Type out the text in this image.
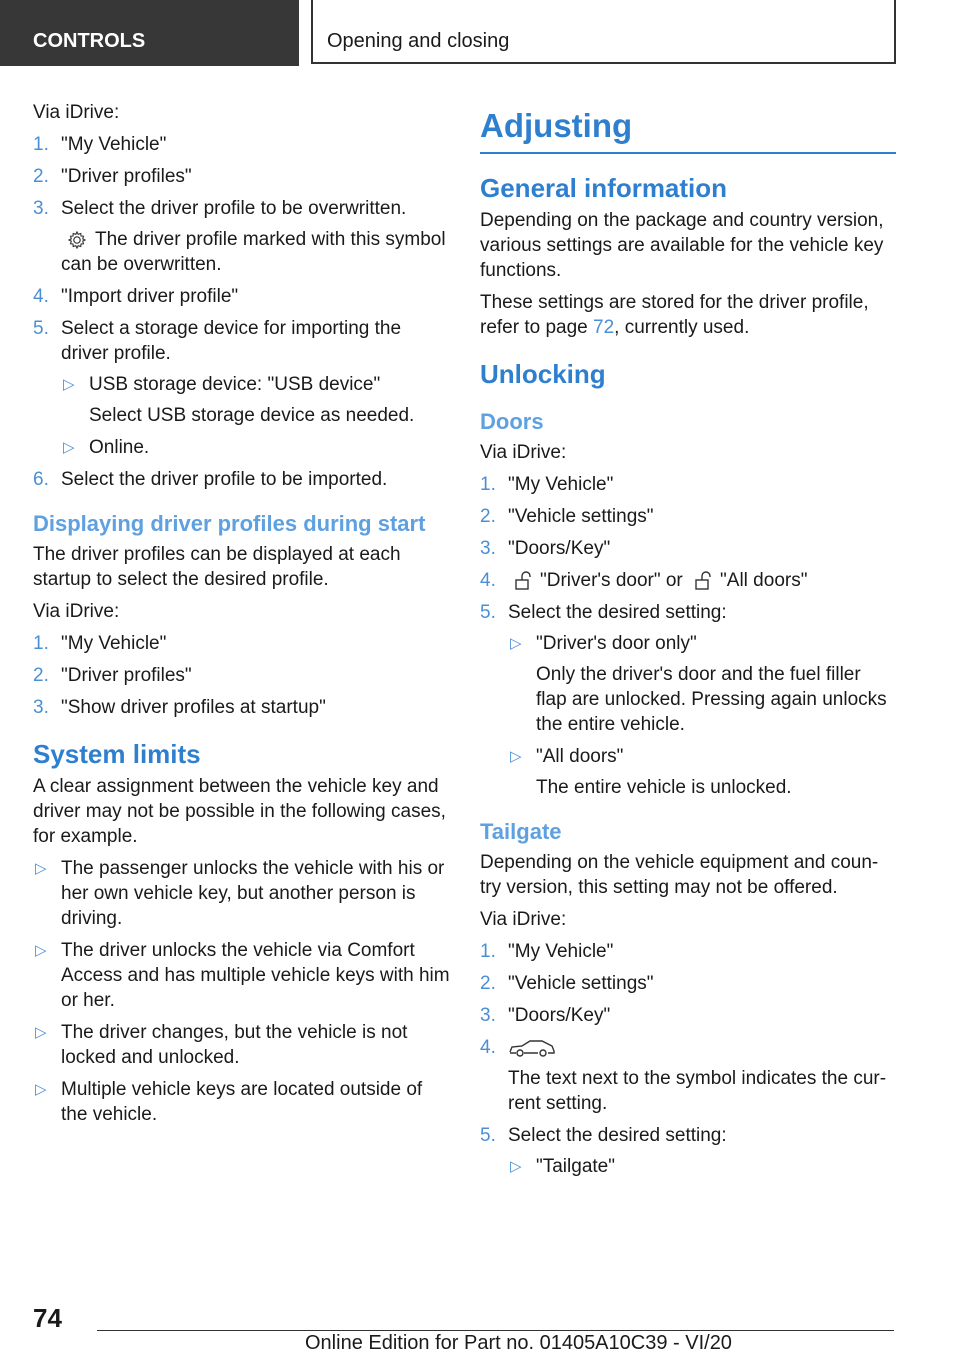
CONTROLS	Opening and closing

Via iDrive:

1. "My Vehicle"
2. "Driver profiles"
3. Select the driver profile to be overwritten.
The driver profile marked with this symbol can be overwritten.
4. "Import driver profile"
5. Select a storage device for importing the driver profile.
▷ USB storage device: "USB device"
Select USB storage device as needed.
▷ Online.
6. Select the driver profile to be imported.
Displaying driver profiles during start

The driver profiles can be displayed at each startup to select the desired profile.

Via iDrive:

1. "My Vehicle"
2. "Driver profiles"
3. "Show driver profiles at startup"
System limits

A clear assignment between the vehicle key and driver may not be possible in the following cases, for example.

▷ The passenger unlocks the vehicle with his or her own vehicle key, but another person is driving.
▷ The driver unlocks the vehicle via Comfort Access and has multiple vehicle keys with him or her.
▷ The driver changes, but the vehicle is not locked and unlocked.
▷ Multiple vehicle keys are located outside of the vehicle.
Adjusting
General information

Depending on the package and country version, various settings are available for the vehicle key functions.

These settings are stored for the driver profile, refer to page 72, currently used.

Unlocking
Doors

Via iDrive:

1. "My Vehicle"
2. "Vehicle settings"
3. "Doors/Key"
4. "Driver's door" or "All doors"
5. Select the desired setting:
▷ "Driver's door only"
Only the driver's door and the fuel filler flap are unlocked. Pressing again unlocks the entire vehicle.
▷ "All doors"
The entire vehicle is unlocked.
Tailgate

Depending on the vehicle equipment and coun‐try version, this setting may not be offered.

Via iDrive:

1. "My Vehicle"
2. "Vehicle settings"
3. "Doors/Key"
4.
The text next to the symbol indicates the cur‐rent setting.
5. Select the desired setting:
▷ "Tailgate"
74
Online Edition for Part no. 01405A10C39 - VI/20
